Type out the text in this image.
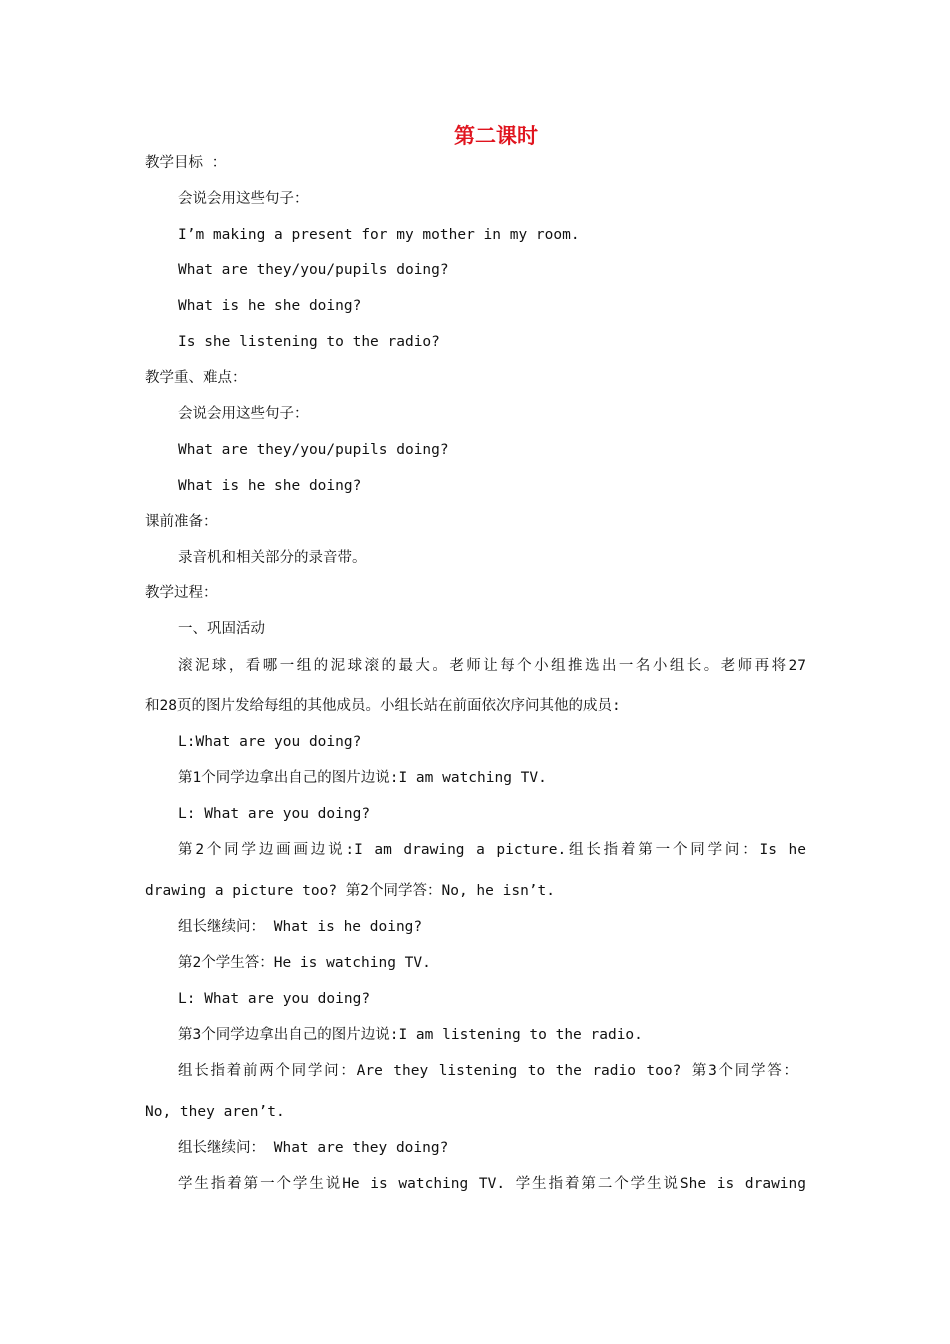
第二课时
教学目标 ：
会说会用这些句子：
I’m making a present for my mother in my room.
What are they/you/pupils doing?
What is he she doing?
Is she listening to the radio?
教学重、难点：
会说会用这些句子：
What are they/you/pupils doing?
What is he she doing?
课前准备：
录音机和相关部分的录音带。
教学过程：
一、巩固活动
滚泥球，看哪一组的泥球滚的最大。老师让每个小组推选出一名小组长。老师再将27
和28页的图片发给每组的其他成员。小组长站在前面依次序问其他的成员:
L:What are you doing?
第1个同学边拿出自己的图片边说:I am watching TV.
L: What are you doing?
第2个同学边画画边说:I am drawing a picture.组长指着第一个同学问：Is he
drawing a picture too? 第2个同学答：No, he isn’t.
组长继续问： What is he doing?
第2个学生答：He is watching TV.
L: What are you doing?
第3个同学边拿出自己的图片边说:I am listening to the radio.
组长指着前两个同学问：Are they listening to the radio too? 第3个同学答：
No, they aren’t.
组长继续问： What are they doing?
学生指着第一个学生说He is watching TV. 学生指着第二个学生说She is drawing
